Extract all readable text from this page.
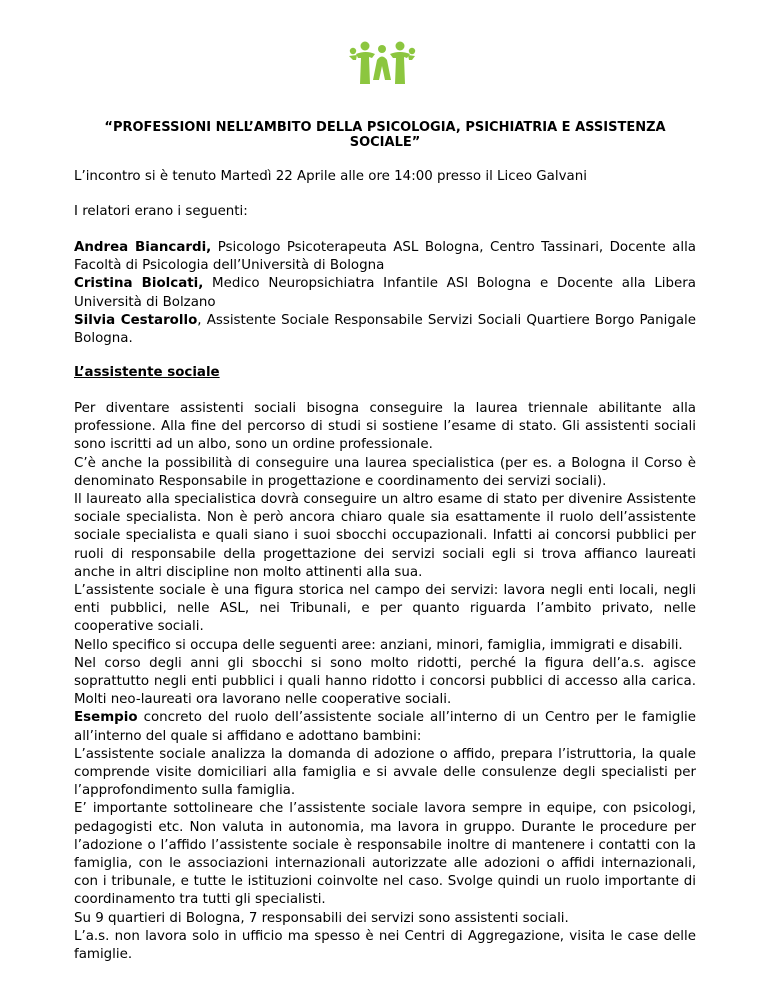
“PROFESSIONI NELL’AMBITO DELLA PSICOLOGIA, PSICHIATRIA E ASSISTENZA SOCIALE”

L’incontro si è tenuto Martedì 22 Aprile alle ore 14:00 presso il Liceo Galvani

I relatori erano i seguenti:

Andrea Biancardi, Psicologo Psicoterapeuta ASL Bologna, Centro Tassinari, Docente alla Facoltà di Psicologia dell’Università di Bologna

Cristina Biolcati, Medico Neuropsichiatra Infantile ASl Bologna e Docente alla Libera Università di Bolzano

Silvia Cestarollo, Assistente Sociale Responsabile Servizi Sociali Quartiere Borgo Panigale Bologna.

L’assistente sociale

Per diventare assistenti sociali bisogna conseguire la laurea triennale abilitante alla professione. Alla fine del percorso di studi si sostiene l’esame di stato. Gli assistenti sociali sono iscritti ad un albo, sono un ordine professionale.

C’è anche la possibilità di conseguire una laurea specialistica (per es. a Bologna il Corso è denominato Responsabile in progettazione e coordinamento dei servizi sociali).

Il laureato alla specialistica dovrà conseguire un altro esame di stato per divenire Assistente sociale specialista. Non è però ancora chiaro quale sia esattamente il ruolo dell’assistente sociale specialista e quali siano i suoi sbocchi occupazionali. Infatti ai concorsi pubblici per ruoli di responsabile della progettazione dei servizi sociali egli si trova affianco laureati anche in altri discipline non molto attinenti alla sua.

L’assistente sociale è una figura storica nel campo dei servizi: lavora negli enti locali, negli enti pubblici, nelle ASL, nei Tribunali, e per quanto riguarda l’ambito privato, nelle cooperative sociali.

Nello specifico si occupa delle seguenti aree: anziani, minori, famiglia, immigrati e disabili.

Nel corso degli anni gli sbocchi si sono molto ridotti, perché la figura dell’a.s. agisce soprattutto negli enti pubblici i quali hanno ridotto i concorsi pubblici di accesso alla carica. Molti neo-laureati ora lavorano nelle cooperative sociali.

Esempio concreto del ruolo dell’assistente sociale all’interno di un Centro per le famiglie all’interno del quale si affidano e adottano bambini:

L’assistente sociale analizza la domanda di adozione o affido, prepara l’istruttoria, la quale comprende visite domiciliari alla famiglia e si avvale delle consulenze degli specialisti per l’approfondimento sulla famiglia.

E’ importante sottolineare che l’assistente sociale lavora sempre in equipe, con psicologi, pedagogisti etc. Non valuta in autonomia, ma lavora in gruppo. Durante le procedure per l’adozione o l’affido l’assistente sociale è responsabile inoltre di mantenere i contatti con la famiglia, con le associazioni internazionali autorizzate alle adozioni o affidi internazionali, con i tribunale, e tutte le istituzioni coinvolte nel caso. Svolge quindi un ruolo importante di coordinamento tra tutti gli specialisti.

Su 9 quartieri di Bologna, 7 responsabili dei servizi sono assistenti sociali.

L’a.s. non lavora solo in ufficio ma spesso è nei Centri di Aggregazione, visita le case delle famiglie.
